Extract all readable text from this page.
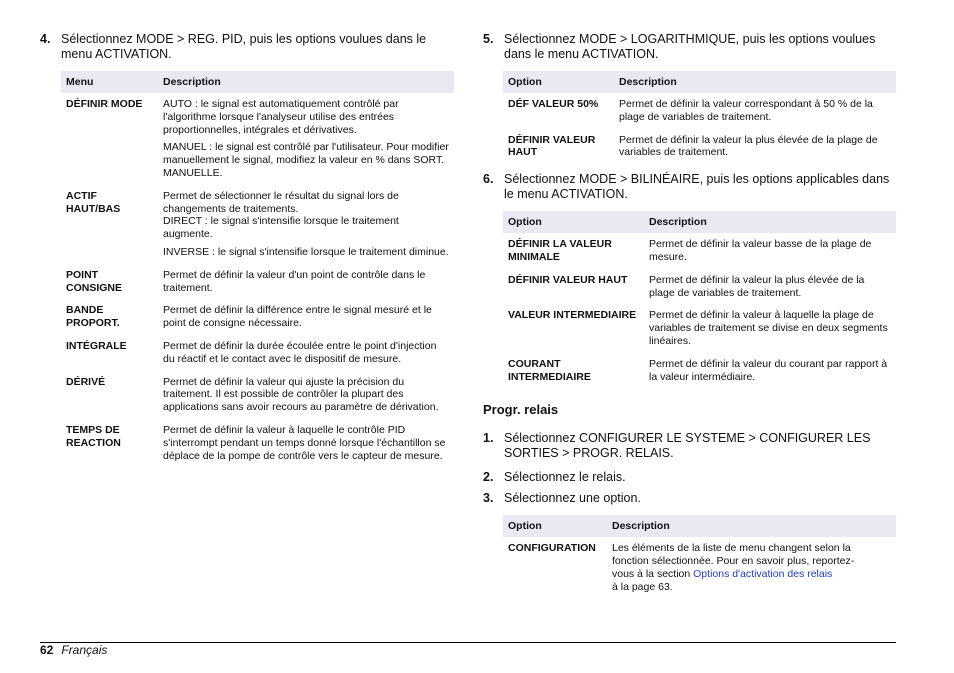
4. Sélectionnez MODE > REG. PID, puis les options voulues dans le menu ACTIVATION.
Menu	Description
DÉFINIR MODE	AUTO : le signal est automatiquement contrôlé par l'algorithme lorsque l'analyseur utilise des entrées proportionnelles, intégrales et dérivatives.

MANUEL : le signal est contrôlé par l'utilisateur. Pour modifier manuellement le signal, modifiez la valeur en % dans SORT. MANUELLE.

ACTIF HAUT/BAS	Permet de sélectionner le résultat du signal lors de changements de traitements.
DIRECT : le signal s'intensifie lorsque le traitement augmente.

INVERSE : le signal s'intensifie lorsque le traitement diminue.

POINT CONSIGNE	Permet de définir la valeur d'un point de contrôle dans le traitement.

BANDE PROPORT.	Permet de définir la différence entre le signal mesuré et le point de consigne nécessaire.

INTÉGRALE	Permet de définir la durée écoulée entre le point d'injection du réactif et le contact avec le dispositif de mesure.

DÉRIVÉ	Permet de définir la valeur qui ajuste la précision du traitement. Il est possible de contrôler la plupart des applications sans avoir recours au paramètre de dérivation.

TEMPS DE REACTION	Permet de définir la valeur à laquelle le contrôle PID s'interrompt pendant un temps donné lorsque l'échantillon se déplace de la pompe de contrôle vers le capteur de mesure.

5. Sélectionnez MODE > LOGARITHMIQUE, puis les options voulues dans le menu ACTIVATION.
Option	Description
DÉF VALEUR 50%	Permet de définir la valeur correspondant à 50 % de la plage de variables de traitement.
DÉFINIR VALEUR HAUT	Permet de définir la valeur la plus élevée de la plage de variables de traitement.
6. Sélectionnez MODE > BILINÉAIRE, puis les options applicables dans le menu ACTIVATION.
Option	Description
DÉFINIR LA VALEUR MINIMALE	Permet de définir la valeur basse de la plage de mesure.
DÉFINIR VALEUR HAUT	Permet de définir la valeur la plus élevée de la plage de variables de traitement.
VALEUR INTERMEDIAIRE	Permet de définir la valeur à laquelle la plage de variables de traitement se divise en deux segments linéaires.
COURANT INTERMEDIAIRE	Permet de définir la valeur du courant par rapport à la valeur intermédiaire.
Progr. relais
1. Sélectionnez CONFIGURER LE SYSTEME > CONFIGURER LES SORTIES > PROGR. RELAIS.
2. Sélectionnez le relais.
3. Sélectionnez une option.
Option	Description
CONFIGURATION	Les éléments de la liste de menu changent selon la fonction sélectionnée. Pour en savoir plus, reportez-vous à la section Options d'activation des relais
à la page 63.
62 Français
